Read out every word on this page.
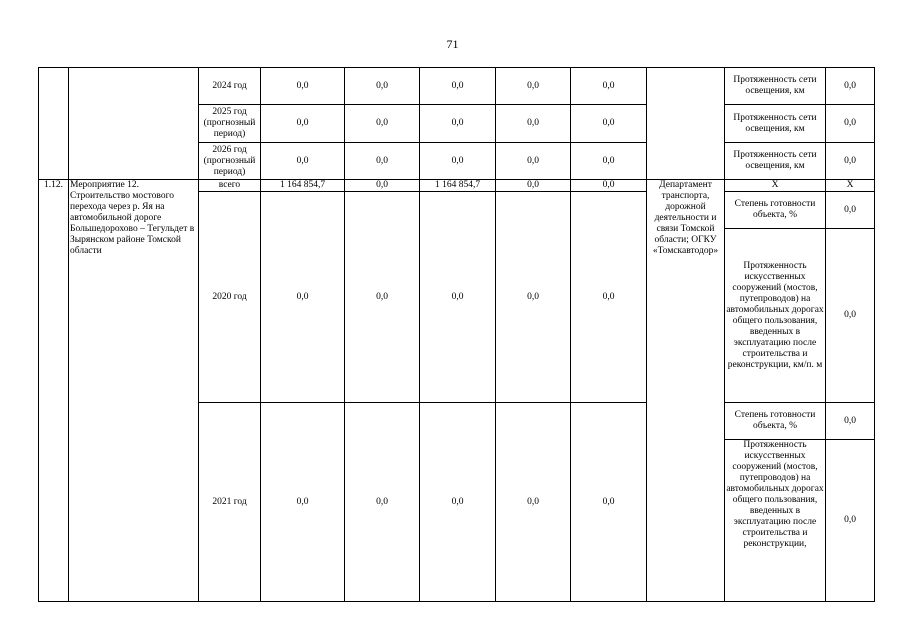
71
		2024 год	0,0	0,0	0,0	0,0	0,0		Протяженность сети освещения, км	0,0
		2025 год (прогнозный период)	0,0	0,0	0,0	0,0	0,0		Протяженность сети освещения, км	0,0
		2026 год (прогнозный период)	0,0	0,0	0,0	0,0	0,0		Протяженность сети освещения, км	0,0
1.12.	Мероприятие 12. Строительство мостового перехода через р. Яя на автомобильной дороге Большедорохово – Тегульдет в Зырянском районе Томской области	всего	1 164 854,7	0,0	1 164 854,7	0,0	0,0	Департамент транспорта, дорожной деятельности и связи Томской области; ОГКУ «Томскавтодор»	X	X
		2020 год	0,0	0,0	0,0	0,0	0,0		Степень готовности объекта, %	0,0
									Протяженность искусственных сооружений (мостов, путепроводов) на автомобильных дорогах общего пользования, введенных в эксплуатацию после строительства и реконструкции, км/п. м	0,0
		2021 год	0,0	0,0	0,0	0,0	0,0		Степень готовности объекта, %	0,0
									Протяженность искусственных сооружений (мостов, путепроводов) на автомобильных дорогах общего пользования, введенных в эксплуатацию после строительства и реконструкции,	0,0
